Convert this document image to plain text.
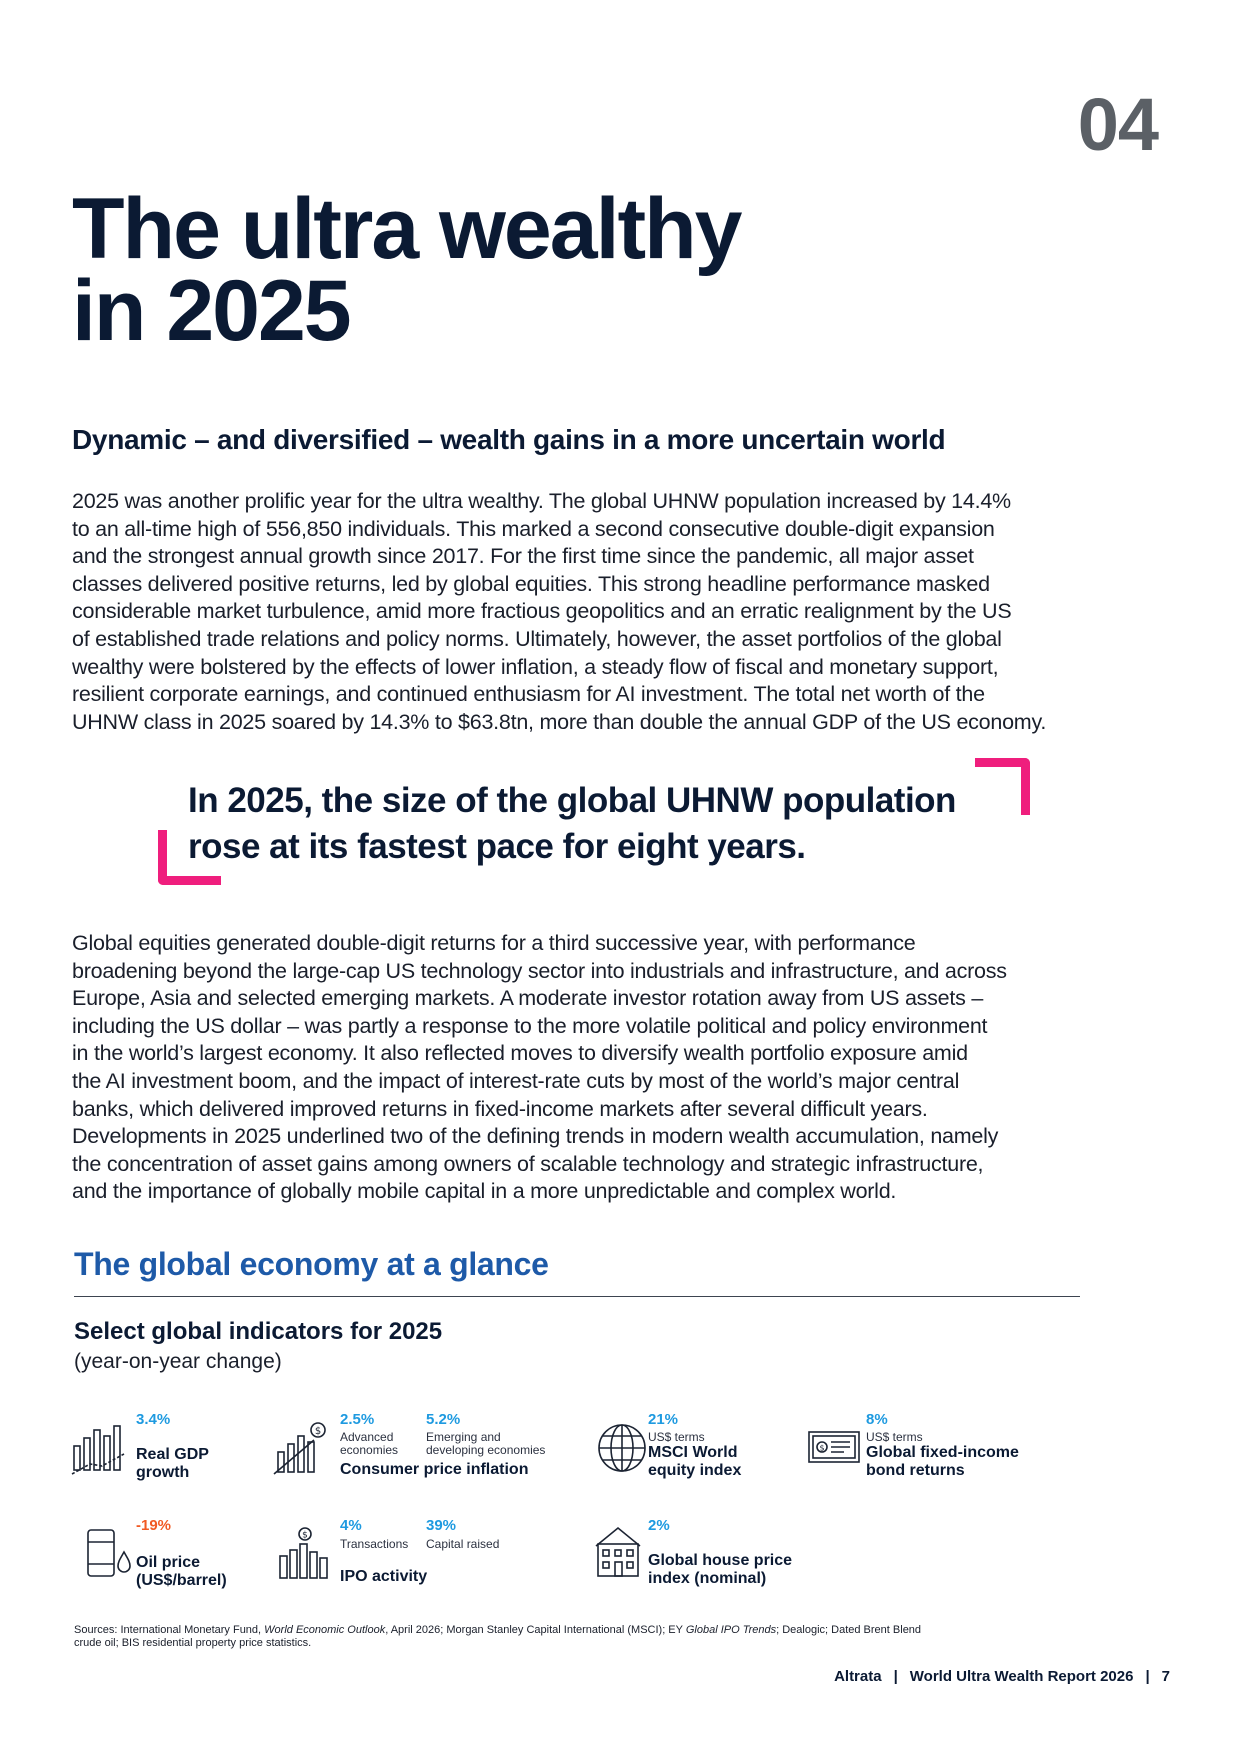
04
The ultra wealthy
in 2025
Dynamic – and diversified – wealth gains in a more uncertain world
2025 was another prolific year for the ultra wealthy. The global UHNW population increased by 14.4%
to an all-time high of 556,850 individuals. This marked a second consecutive double-digit expansion
and the strongest annual growth since 2017. For the first time since the pandemic, all major asset
classes delivered positive returns, led by global equities. This strong headline performance masked
considerable market turbulence, amid more fractious geopolitics and an erratic realignment by the US
of established trade relations and policy norms. Ultimately, however, the asset portfolios of the global
wealthy were bolstered by the effects of lower inflation, a steady flow of fiscal and monetary support,
resilient corporate earnings, and continued enthusiasm for AI investment. The total net worth of the
UHNW class in 2025 soared by 14.3% to $63.8tn, more than double the annual GDP of the US economy.
In 2025, the size of the global UHNW population
rose at its fastest pace for eight years.
Global equities generated double-digit returns for a third successive year, with performance
broadening beyond the large-cap US technology sector into industrials and infrastructure, and across
Europe, Asia and selected emerging markets. A moderate investor rotation away from US assets –
including the US dollar – was partly a response to the more volatile political and policy environment
in the world’s largest economy. It also reflected moves to diversify wealth portfolio exposure amid
the AI investment boom, and the impact of interest-rate cuts by most of the world’s major central
banks, which delivered improved returns in fixed-income markets after several difficult years.
Developments in 2025 underlined two of the defining trends in modern wealth accumulation, namely
the concentration of asset gains among owners of scalable technology and strategic infrastructure,
and the importance of globally mobile capital in a more unpredictable and complex world.
The global economy at a glance
Select global indicators for 2025
(year-on-year change)
3.4%
Real GDP
growth
$
2.5%
Advanced
economies
5.2%
Emerging and
developing economies
Consumer price inflation
21%
US$ terms
MSCI World
equity index
$
8%
US$ terms
Global fixed-income
bond returns
-19%
Oil price
(US$/barrel)
$
4%
Transactions
39%
Capital raised
IPO activity
2%
Global house price
index (nominal)
Sources: International Monetary Fund, World Economic Outlook, April 2026; Morgan Stanley Capital International (MSCI); EY Global IPO Trends; Dealogic; Dated Brent Blend
crude oil; BIS residential property price statistics.
Altrata | World Ultra Wealth Report 2026 | 7
